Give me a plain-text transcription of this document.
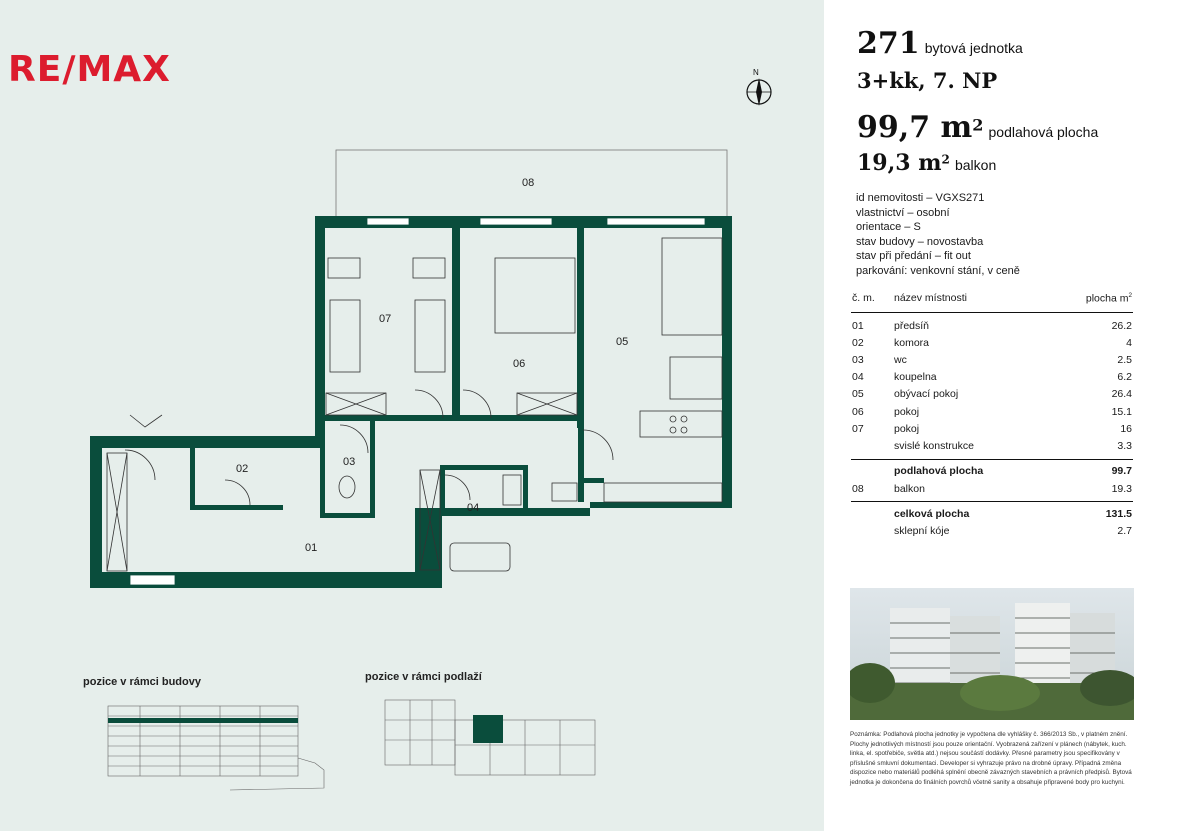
RE/MAX	N
08
07
06
05
02
03
04
01
pozice v rámci budovy	pozice v rámci podlaží
271 bytová jednotka
3+kk, 7. NP
99,7 $m^2$ podlahová plocha
19,3 $m^2$ balkon
id nemovitosti – VGXS271
vlastnictví – osobní
orientace – S
stav budovy – novostavba
stav při předání – fit out
parkování: venkovní stání, v ceně
č. m. název místnosti	plocha $m^2$
01	předsíň	26.2
02	komora	4
03	wc	2.5
04	koupelna	6.2
05	obývací pokoj	26.4
06	pokoj	15.1
07	pokoj	16
svislé konstrukce	3.3
podlahová plocha	99.7
08	balkon	19.3
celková plocha	131.5
sklepní kóje	2.7
Poznámka: Podlahová plocha jednotky je vypočtena dle vyhlášky č. 366/2013 Sb., v platném znění. Plochy jednotlivých místností jsou pouze orientační. Vyobrazená zařízení v plánech (nábytek, kuch. linka, el. spotřebiče, světla atd.) nejsou součástí dodávky. Přesné parametry jsou specifikovány v příslušné smluvní dokumentaci. Developer si vyhrazuje právo na drobné úpravy. Případná změna dispozice nebo materiálů podléhá splnění obecně závazných stavebních a právních předpisů. Bytová jednotka je dokončena do finálních povrchů včetně sanity a obsahuje připravené body pro kuchyni.
